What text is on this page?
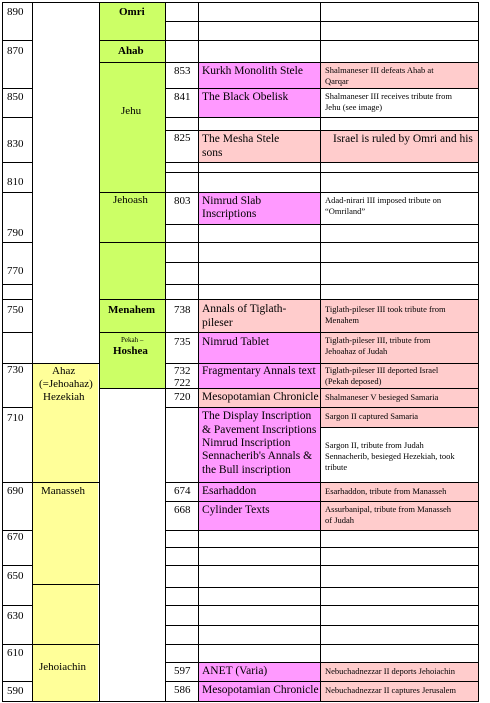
890
870
850
830
810
790
770
750
730
710
690
670
650
630
610
590
Ahaz
(=Jehoahaz)
Hezekiah
Manasseh
Jehoiachin
Omri
Ahab
Jehu
Jehoash
Menahem
Pekah –
Hoshea
853
841
825
803
738
735
732
722
720
674
668
597
586
Kurkh Monolith Stele
The Black Obelisk
The Mesha Stele
sons
Nimrud Slab
Inscriptions
Annals of Tiglath-
pileser
Nimrud Tablet
Fragmentary Annals text
Mesopotamian Chronicle
The Display Inscription
& Pavement Inscriptions
Nimrud Inscription
Sennacherib's Annals &
the Bull inscription
Esarhaddon
Cylinder Texts
ANET (Varia)
Mesopotamian Chronicle
Shalmaneser III defeats Ahab at
Qarqar
Shalmaneser III receives tribute from
Jehu (see image)
Israel is ruled by Omri and his
Adad-nirari III imposed tribute on
“Omriland”
Tiglath-pileser III took tribute from
Menahem
Tiglath-pileser III, tribute from
Jehoahaz of Judah
Tiglath-pileser III deported Israel
(Pekah deposed)
Shalmaneser V besieged Samaria
Sargon II captured Samaria
Sargon II, tribute from Judah
Sennacherib, besieged Hezekiah, took
tribute
Esarhaddon, tribute from Manasseh
Assurbanipal, tribute from Manasseh
of Judah
Nebuchadnezzar II deports Jehoiachin
Nebuchadnezzar II captures Jerusalem
